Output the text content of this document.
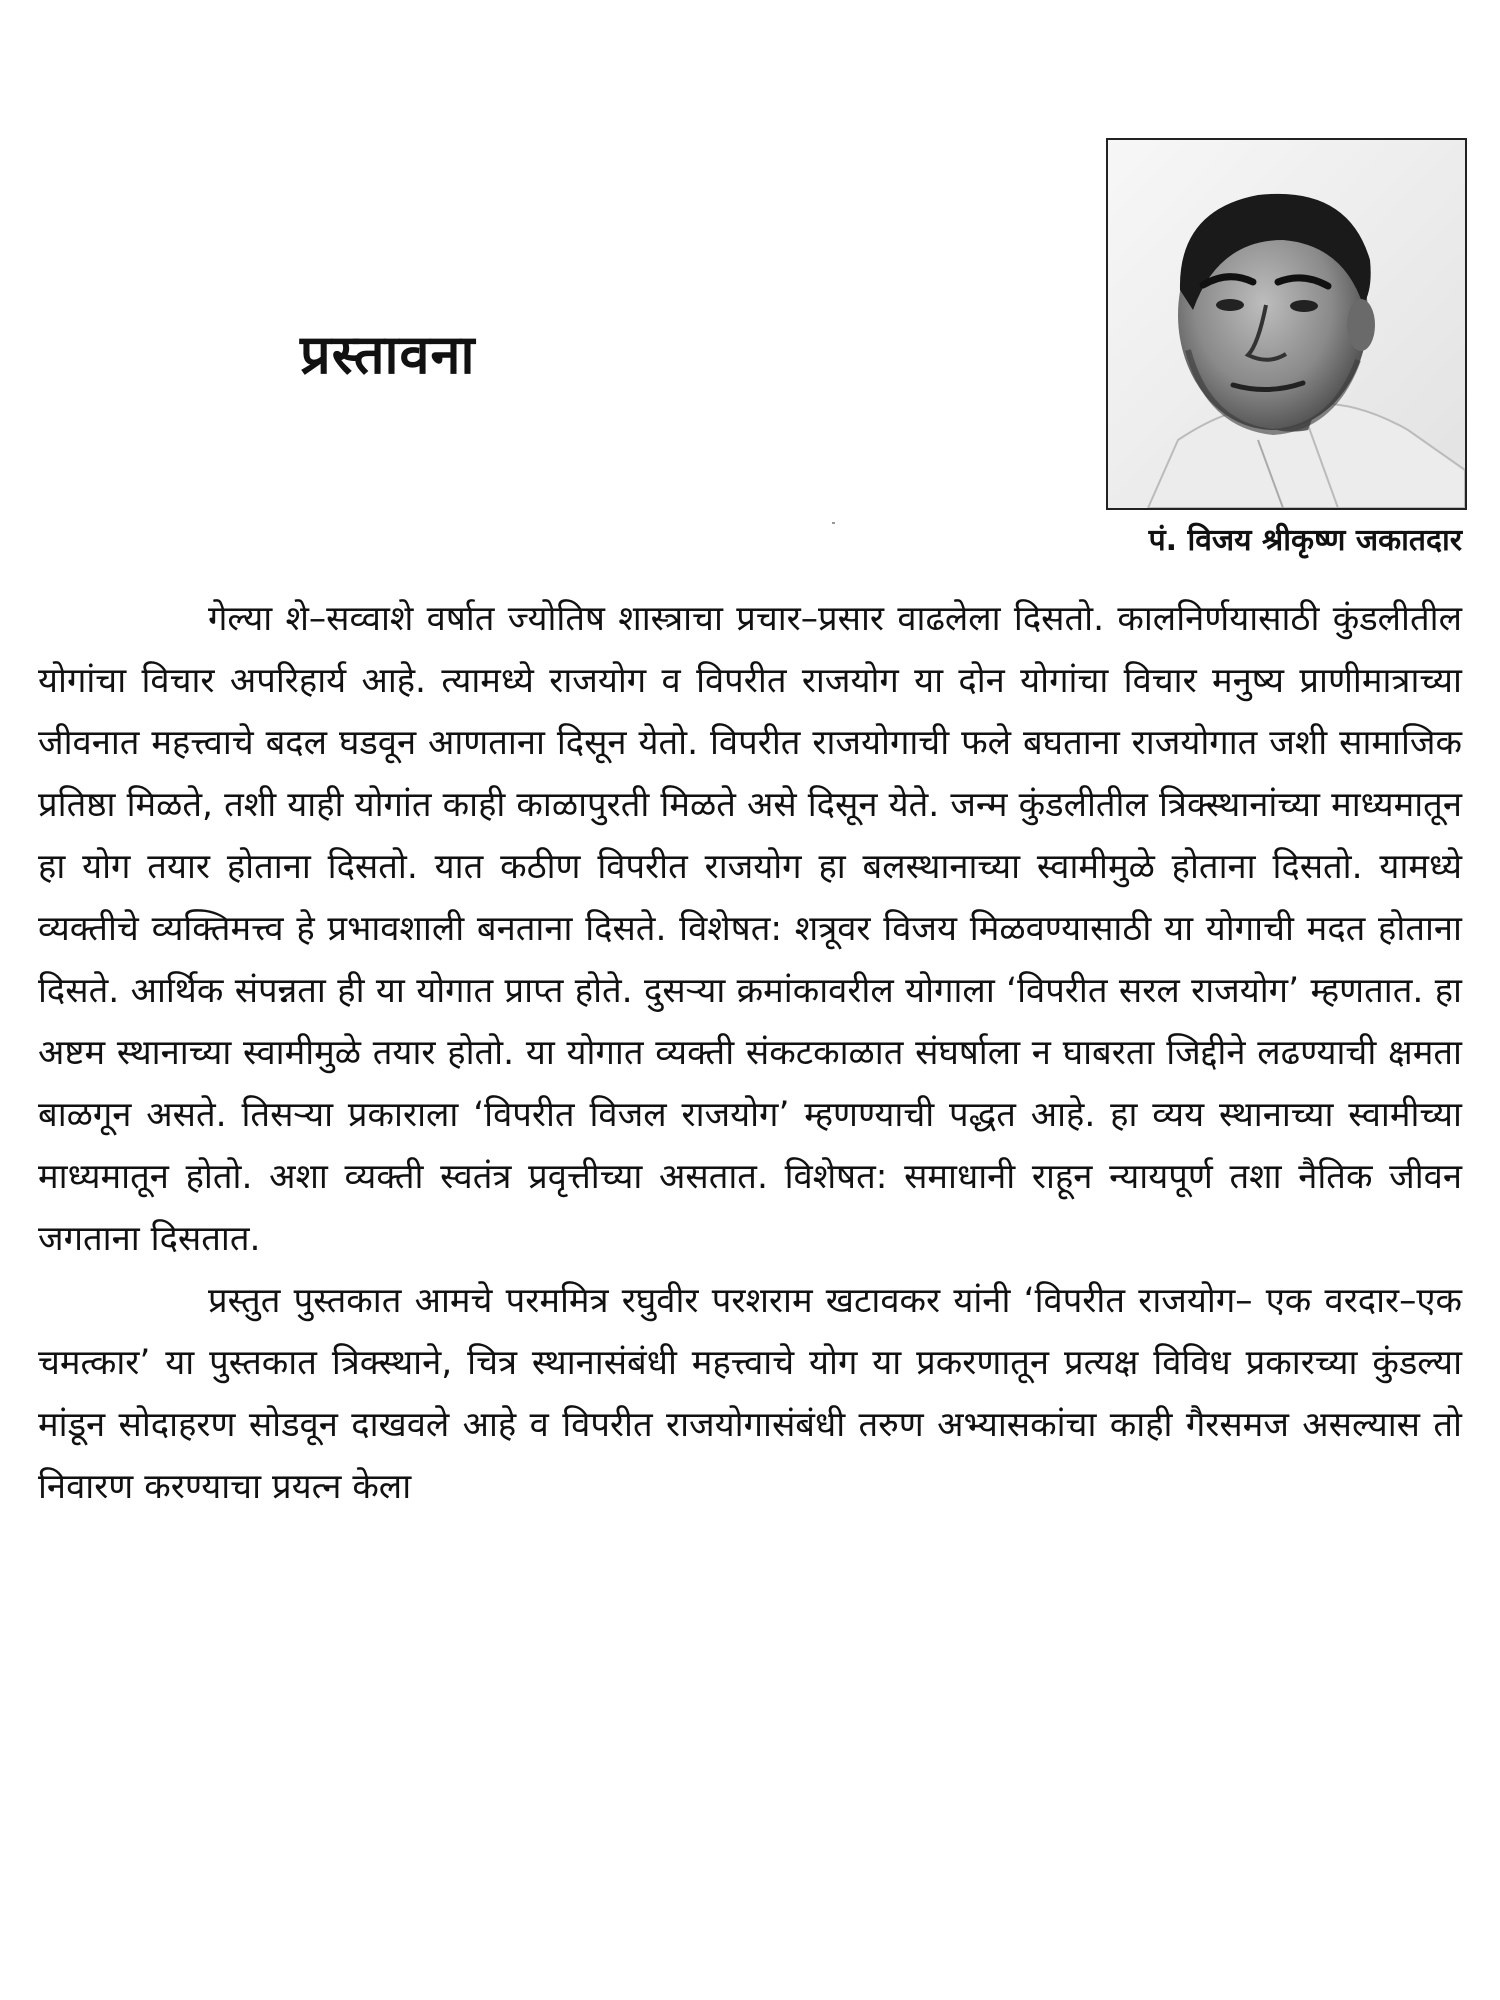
प्रस्तावना
पं. विजय श्रीकृष्ण जकातदार

गेल्या शे–सव्वाशे वर्षात ज्योतिष शास्त्राचा प्रचार–प्रसार वाढलेला दिसतो. कालनिर्णयासाठी कुंडलीतील योगांचा विचार अपरिहार्य आहे. त्यामध्ये राजयोग व विपरीत राजयोग या दोन योगांचा विचार मनुष्य प्राणीमात्राच्या जीवनात महत्त्वाचे बदल घडवून आणताना दिसून येतो. विपरीत राजयोगाची फले बघताना राजयोगात जशी सामाजिक प्रतिष्ठा मिळते, तशी याही योगांत काही काळापुरती मिळते असे दिसून येते. जन्म कुंडलीतील त्रिक्स्थानांच्या माध्यमातून हा योग तयार होताना दिसतो. यात कठीण विपरीत राजयोग हा बलस्थानाच्या स्वामीमुळे होताना दिसतो. यामध्ये व्यक्तीचे व्यक्तिमत्त्व हे प्रभावशाली बनताना दिसते. विशेषत: शत्रूवर विजय मिळवण्यासाठी या योगाची मदत होताना दिसते. आर्थिक संपन्नता ही या योगात प्राप्त होते. दुसऱ्या क्रमांकावरील योगाला ‘विपरीत सरल राजयोग’ म्हणतात. हा अष्टम स्थानाच्या स्वामीमुळे तयार होतो. या योगात व्यक्ती संकटकाळात संघर्षाला न घाबरता जिद्दीने लढण्याची क्षमता बाळगून असते. तिसऱ्या प्रकाराला ‘विपरीत विजल राजयोग’ म्हणण्याची पद्धत आहे. हा व्यय स्थानाच्या स्वामीच्या माध्यमातून होतो. अशा व्यक्ती स्वतंत्र प्रवृत्तीच्या असतात. विशेषत: समाधानी राहून न्यायपूर्ण तशा नैतिक जीवन जगताना दिसतात.

प्रस्तुत पुस्तकात आमचे परममित्र रघुवीर परशराम खटावकर यांनी ‘विपरीत राजयोग– एक वरदार–एक चमत्कार’ या पुस्तकात त्रिक्स्थाने, चित्र स्थानासंबंधी महत्त्वाचे योग या प्रकरणातून प्रत्यक्ष विविध प्रकारच्या कुंडल्या मांडून सोदाहरण सोडवून दाखवले आहे व विपरीत राजयोगासंबंधी तरुण अभ्यासकांचा काही गैरसमज असल्यास तो निवारण करण्याचा प्रयत्न केला
